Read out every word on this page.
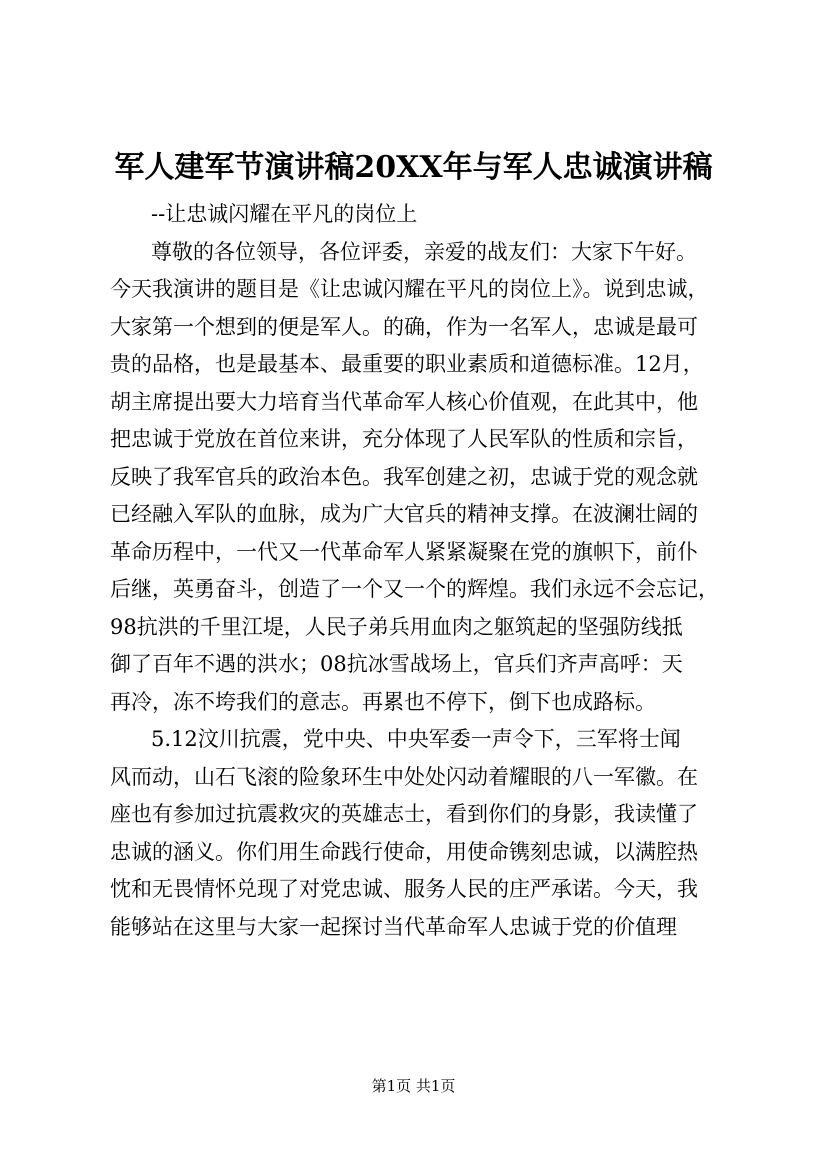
军人建军节演讲稿20XX年与军人忠诚演讲稿
--让忠诚闪耀在平凡的岗位上
尊敬的各位领导，各位评委，亲爱的战友们：大家下午好。
今天我演讲的题目是《让忠诚闪耀在平凡的岗位上》。说到忠诚，
大家第一个想到的便是军人。的确，作为一名军人，忠诚是最可
贵的品格，也是最基本、最重要的职业素质和道德标准。12月，
胡主席提出要大力培育当代革命军人核心价值观，在此其中，他
把忠诚于党放在首位来讲，充分体现了人民军队的性质和宗旨，
反映了我军官兵的政治本色。我军创建之初，忠诚于党的观念就
已经融入军队的血脉，成为广大官兵的精神支撑。在波澜壮阔的
革命历程中，一代又一代革命军人紧紧凝聚在党的旗帜下，前仆
后继，英勇奋斗，创造了一个又一个的辉煌。我们永远不会忘记，
98抗洪的千里江堤，人民子弟兵用血肉之躯筑起的坚强防线抵
御了百年不遇的洪水；08抗冰雪战场上，官兵们齐声高呼：天
再冷，冻不垮我们的意志。再累也不停下，倒下也成路标。
5.12汶川抗震，党中央、中央军委一声令下，三军将士闻
风而动，山石飞滚的险象环生中处处闪动着耀眼的八一军徽。在
座也有参加过抗震救灾的英雄志士，看到你们的身影，我读懂了
忠诚的涵义。你们用生命践行使命，用使命镌刻忠诚，以满腔热
忱和无畏情怀兑现了对党忠诚、服务人民的庄严承诺。今天，我
能够站在这里与大家一起探讨当代革命军人忠诚于党的价值理
第1页 共1页
